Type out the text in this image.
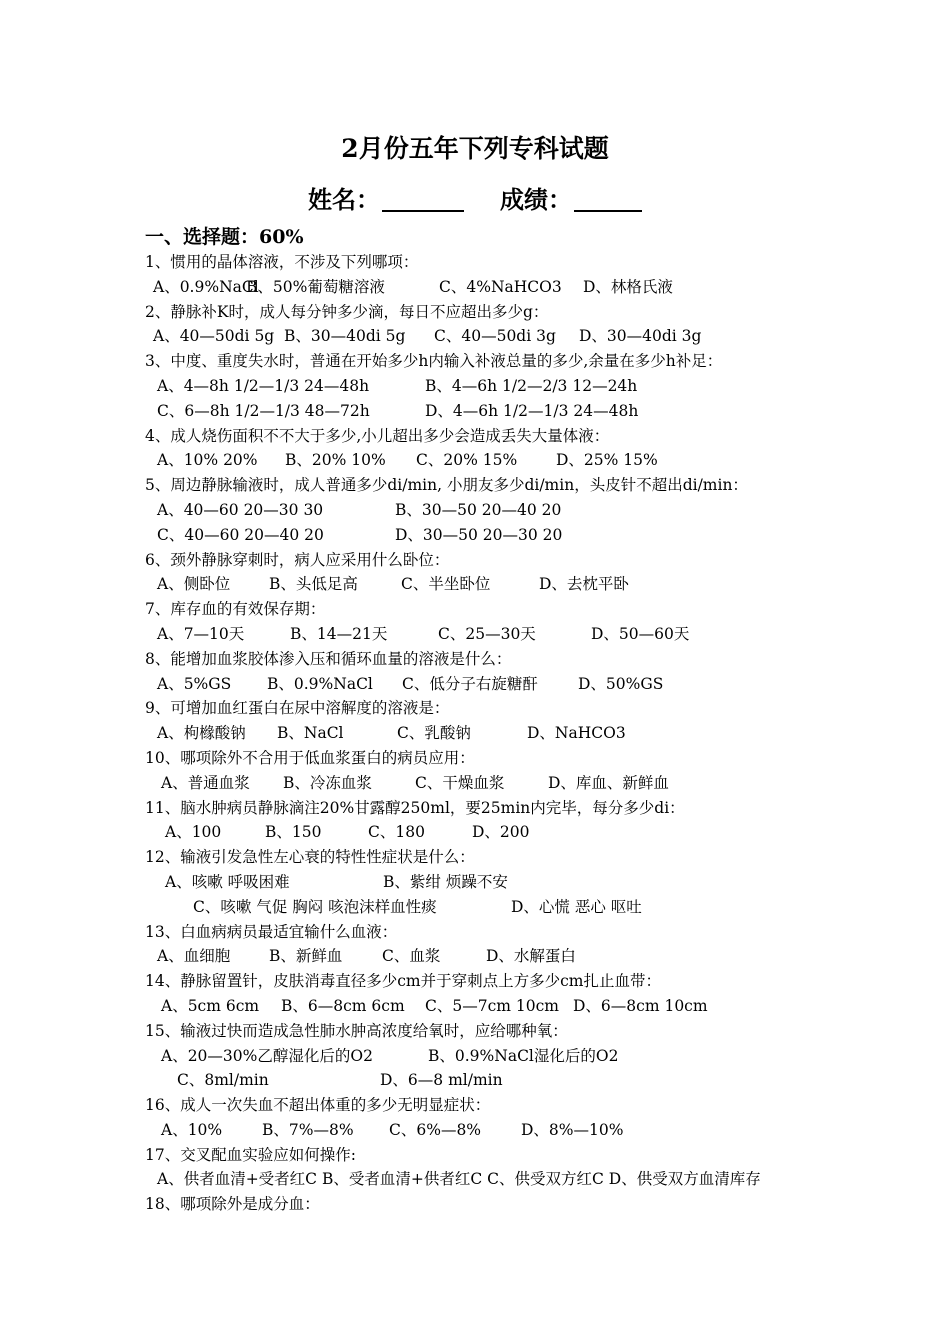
2月份五年下列专科试题
姓名：	成绩：
一、选择题：60%
1、惯用的晶体溶液，不涉及下列哪项：
A、0.9%NaClB、50%葡萄糖溶液	C、4%NaHCO3 D、林格氏液
2、静脉补K时，成人每分钟多少滴，每日不应超出多少g：
A、40—50di 5g B、30—40di 5g C、40—50di 3g D、30—40di 3g
3、中度、重度失水时，普通在开始多少h内输入补液总量的多少,余量在多少h补足：
A、4—8h 1/2—1/3 24—48h	B、4—6h 1/2—2/3 12—24h
C、6—8h 1/2—1/3 48—72h	D、4—6h 1/2—1/3 24—48h
4、成人烧伤面积不不大于多少,小儿超出多少会造成丢失大量体液：
A、10% 20% B、20% 10% C、20% 15%	D、25% 15%
5、周边静脉输液时，成人普通多少di/min, 小朋友多少di/min，头皮针不超出di/min：
A、40—60 20—30 30	B、30—50 20—40 20
C、40—60 20—40 20	D、30—50 20—30 20
6、颈外静脉穿刺时，病人应采用什么卧位：
A、侧卧位	B、头低足高	C、半坐卧位	D、去枕平卧
7、库存血的有效保存期：
A、7—10天	B、14—21天	C、25—30天	D、50—60天
8、能增加血浆胶体渗入压和循环血量的溶液是什么：
A、5%GS B、0.9%NaCl C、低分子右旋糖酐	D、50%GS
9、可增加血红蛋白在尿中溶解度的溶液是：
A、枸橼酸钠 B、NaCl	C、乳酸钠	D、NaHCO3
10、哪项除外不合用于低血浆蛋白的病员应用：
A、普通血浆 B、冷冻血浆	C、干燥血浆	D、库血、新鲜血
11、脑水肿病员静脉滴注20%甘露醇250ml，要25min内完毕，每分多少di：
A、100	B、150	C、180	D、200
12、输液引发急性左心衰的特性性症状是什么：
A、咳嗽 呼吸困难	B、紫绀 烦躁不安
C、咳嗽 气促 胸闷 咳泡沫样血性痰	D、心慌 恶心 呕吐
13、白血病病员最适宜输什么血液：
A、血细胞	B、新鲜血	C、血浆	D、水解蛋白
14、静脉留置针，皮肤消毒直径多少cm并于穿刺点上方多少cm扎止血带：
A、5cm 6cm B、6—8cm 6cm C、5—7cm 10cm D、6—8cm 10cm
15、输液过快而造成急性肺水肿高浓度给氧时，应给哪种氧：
A、20—30%乙醇湿化后的O2	B、0.9%NaCl湿化后的O2
C、8ml/min	D、6—8 ml/min
16、成人一次失血不超出体重的多少无明显症状：
A、10%	B、7%—8% C、6%—8%	D、8%—10%
17、交叉配血实验应如何操作:
A、供者血清+受者红C B、受者血清+供者红C C、供受双方红C D、供受双方血清库存
18、哪项除外是成分血：
